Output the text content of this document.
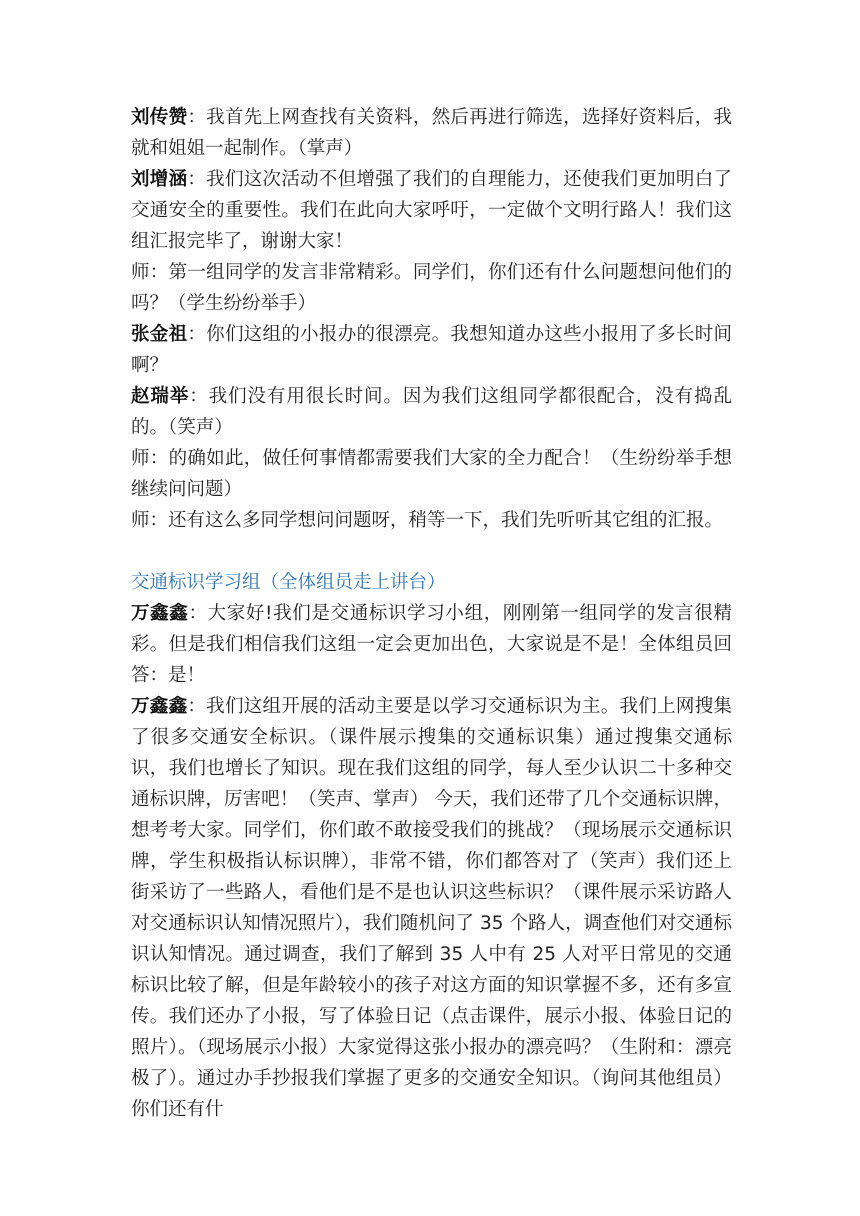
刘传赞：我首先上网查找有关资料，然后再进行筛选，选择好资料后，我就和姐姐一起制作。（掌声）

刘增涵：我们这次活动不但增强了我们的自理能力，还使我们更加明白了交通安全的重要性。我们在此向大家呼吁，一定做个文明行路人！我们这组汇报完毕了，谢谢大家！

师：第一组同学的发言非常精彩。同学们，你们还有什么问题想问他们的吗？（学生纷纷举手）

张金祖：你们这组的小报办的很漂亮。我想知道办这些小报用了多长时间啊？

赵瑞举：我们没有用很长时间。因为我们这组同学都很配合，没有捣乱的。（笑声）

师：的确如此，做任何事情都需要我们大家的全力配合！（生纷纷举手想继续问问题）

师：还有这么多同学想问问题呀，稍等一下，我们先听听其它组的汇报。

交通标识学习组（全体组员走上讲台）

万鑫鑫：大家好!我们是交通标识学习小组，刚刚第一组同学的发言很精彩。但是我们相信我们这组一定会更加出色，大家说是不是！全体组员回答：是！

万鑫鑫：我们这组开展的活动主要是以学习交通标识为主。我们上网搜集了很多交通安全标识。（课件展示搜集的交通标识集）通过搜集交通标识，我们也增长了知识。现在我们这组的同学，每人至少认识二十多种交通标识牌，厉害吧！（笑声、掌声） 今天，我们还带了几个交通标识牌，想考考大家。同学们，你们敢不敢接受我们的挑战？（现场展示交通标识牌，学生积极指认标识牌），非常不错，你们都答对了（笑声）我们还上街采访了一些路人，看他们是不是也认识这些标识？（课件展示采访路人对交通标识认知情况照片），我们随机问了 35 个路人，调查他们对交通标识认知情况。通过调查，我们了解到 35 人中有 25 人对平日常见的交通标识比较了解，但是年龄较小的孩子对这方面的知识掌握不多，还有多宣传。我们还办了小报，写了体验日记（点击课件，展示小报、体验日记的照片）。（现场展示小报）大家觉得这张小报办的漂亮吗？（生附和：漂亮极了）。通过办手抄报我们掌握了更多的交通安全知识。（询问其他组员）你们还有什
